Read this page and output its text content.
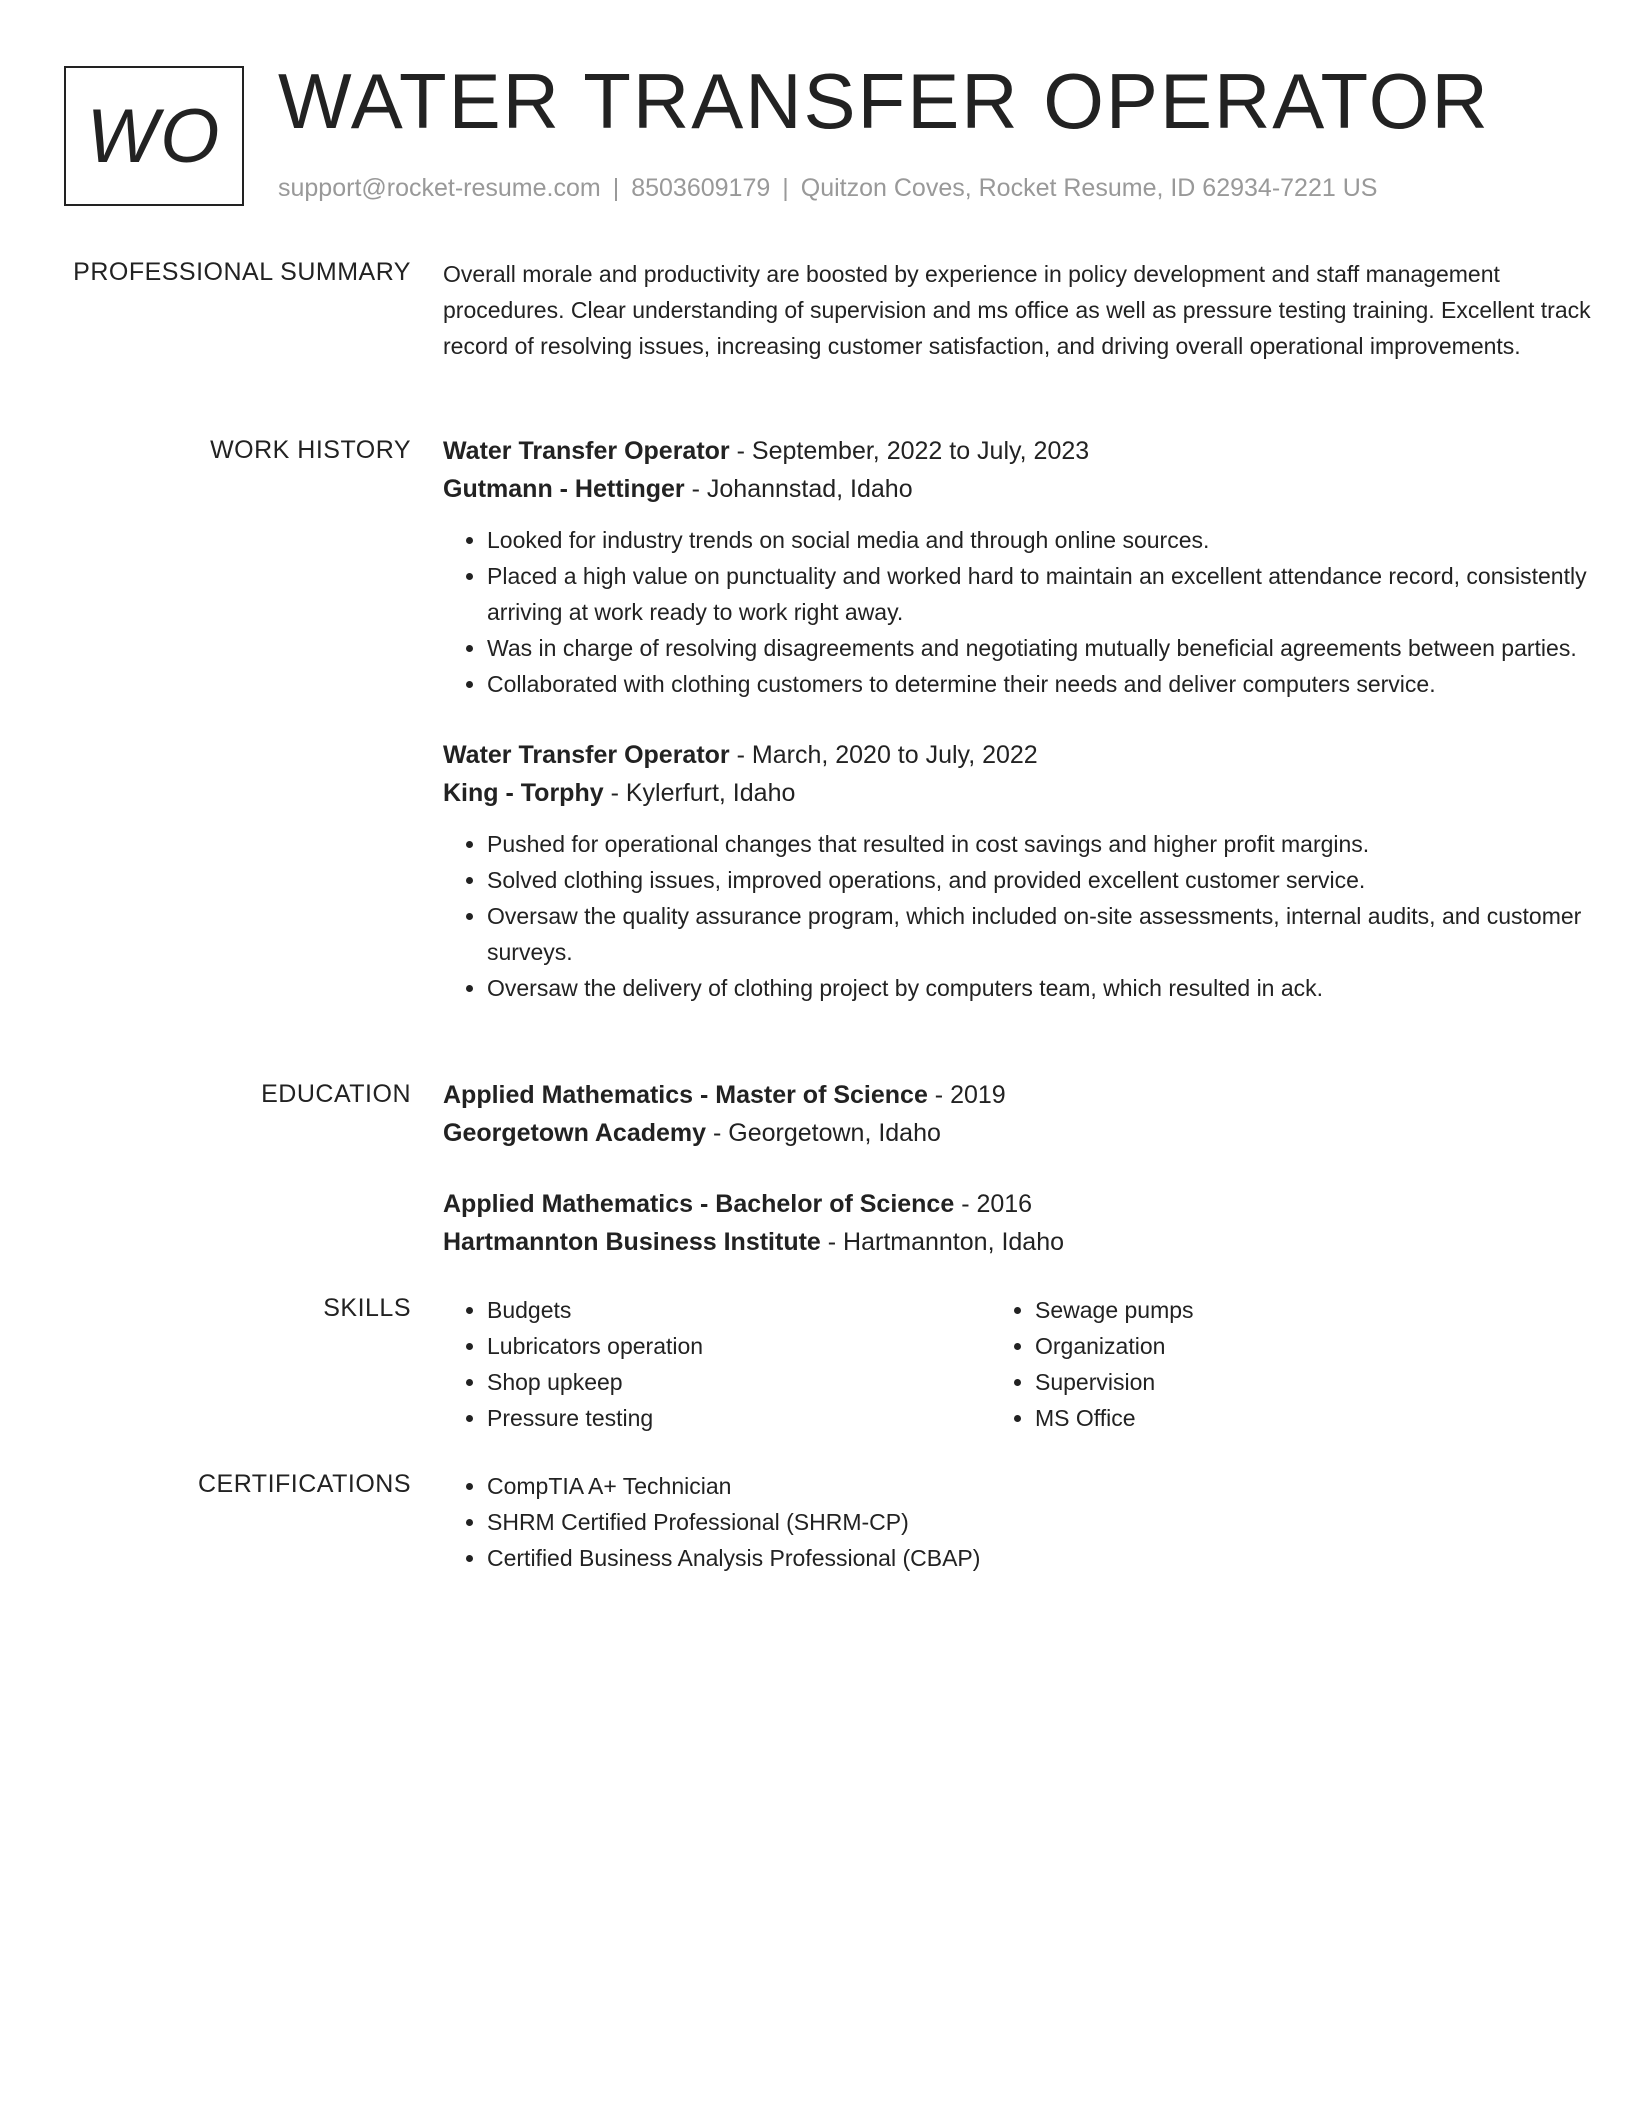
WO WATER TRANSFER OPERATOR
support@rocket-resume.com | 8503609179 | Quitzon Coves, Rocket Resume, ID 62934-7221 US
PROFESSIONAL SUMMARY Overall morale and productivity are boosted by experience in policy development and staff management procedures. Clear understanding of supervision and ms office as well as pressure testing training. Excellent track record of resolving issues, increasing customer satisfaction, and driving overall operational improvements.

WORK HISTORY Water Transfer Operator - September, 2022 to July, 2023
Gutmann - Hettinger - Johannstad, Idaho
• Looked for industry trends on social media and through online sources.
• Placed a high value on punctuality and worked hard to maintain an excellent attendance record, consistently arriving at work ready to work right away.
• Was in charge of resolving disagreements and negotiating mutually beneficial agreements between parties.
• Collaborated with clothing customers to determine their needs and deliver computers service.
Water Transfer Operator - March, 2020 to July, 2022
King - Torphy - Kylerfurt, Idaho
• Pushed for operational changes that resulted in cost savings and higher profit margins.
• Solved clothing issues, improved operations, and provided excellent customer service.
• Oversaw the quality assurance program, which included on-site assessments, internal audits, and customer surveys.
• Oversaw the delivery of clothing project by computers team, which resulted in ack.
EDUCATION Applied Mathematics - Master of Science - 2019
Georgetown Academy - Georgetown, Idaho
Applied Mathematics - Bachelor of Science - 2016
Hartmannton Business Institute - Hartmannton, Idaho
SKILLS	• Budgets
• Lubricators operation
• Shop upkeep
• Pressure testing
• Sewage pumps
• Organization
• Supervision
• MS Office
CERTIFICATIONS	• CompTIA A+ Technician
• SHRM Certified Professional (SHRM-CP)
• Certified Business Analysis Professional (CBAP)
